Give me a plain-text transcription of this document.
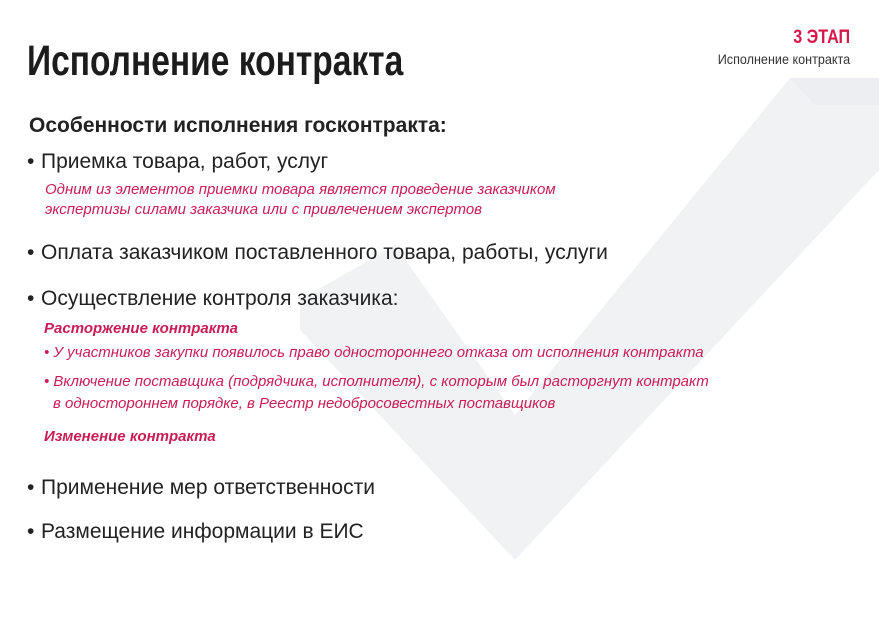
3 ЭТАП
Исполнение контракта
Исполнение контракта
Особенности исполнения госконтракта:
• Приемка товара, работ, услуг
Одним из элементов приемки товара является проведение заказчиком
экспертизы силами заказчика или с привлечением экспертов
• Оплата заказчиком поставленного товара, работы, услуги
• Осуществление контроля заказчика:
Расторжение контракта
• У участников закупки появилось право одностороннего отказа от исполнения контракта
• Включение поставщика (подрядчика, исполнителя), с которым был расторгнут контракт
в одностороннем порядке, в Реестр недобросовестных поставщиков
Изменение контракта
• Применение мер ответственности
• Размещение информации в ЕИС
